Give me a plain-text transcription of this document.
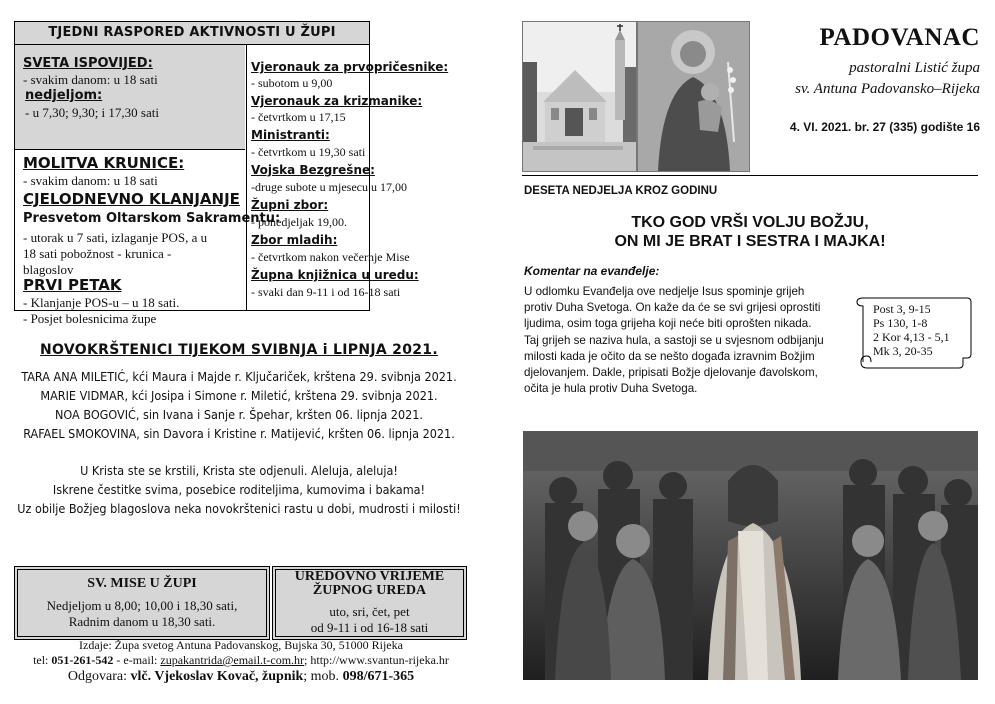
TJEDNI RASPORED AKTIVNOSTI U ŽUPI
SVETA ISPOVIJED:
- svakim danom: u 18 sati
nedjeljom:
- u 7,30; 9,30; i 17,30 sati
MOLITVA KRUNICE:
- svakim danom: u 18 sati
CJELODNEVNO KLANJANJE
Presvetom Oltarskom Sakramentu:
- utorak u 7 sati, izlaganje POS, a u
18 sati pobožnost - krunica -
blagoslov
PRVI PETAK
- Klanjanje POS-u – u 18 sati.
- Posjet bolesnicima župe
Vjeronauk za prvopričesnike:
- subotom u 9,00
Vjeronauk za krizmanike:
- četvrtkom u 17,15
Ministranti:
- četvrtkom u 19,30 sati
Vojska Bezgrešne:
-druge subote u mjesecu u 17,00
Župni zbor:
- ponedjeljak 19,00.
Zbor mladih:
- četvrtkom nakon večernje Mise
Župna knjižnica u uredu:
- svaki dan 9-11 i od 16-18 sati
NOVOKRŠTENICI TIJEKOM SVIBNJA i LIPNJA 2021.
TARA ANA MILETIĆ, kći Maura i Majde r. Ključariček, krštena 29. svibnja 2021.
MARIE VIDMAR, kći Josipa i Simone r. Miletić, krštena 29. svibnja 2021.
NOA BOGOVIĆ, sin Ivana i Sanje r. Špehar, kršten 06. lipnja 2021.
RAFAEL SMOKOVINA, sin Davora i Kristine r. Matijević, kršten 06. lipnja 2021.
U Krista ste se krstili, Krista ste odjenuli. Aleluja, aleluja!
Iskrene čestitke svima, posebice roditeljima, kumovima i bakama!
Uz obilje Božjeg blagoslova neka novokrštenici rastu u dobi, mudrosti i milosti!
SV. MISE U ŽUPI
Nedjeljom u 8,00; 10,00 i 18,30 sati,
Radnim danom u 18,30 sati.
UREDOVNO VRIJEME
ŽUPNOG UREDA
uto, sri, čet, pet
od 9-11 i od 16-18 sati
Izdaje: Župa svetog Antuna Padovanskog, Bujska 30, 51000 Rijeka
tel: 051-261-542 - e-mail: zupakantrida@email.t-com.hr; http://www.svantun-rijeka.hr
Odgovara: vlč. Vjekoslav Kovač, župnik; mob. 098/671-365
PADOVANAC
pastoralni Listić župa
sv. Antuna Padovansko–Rijeka
4. VI. 2021. br. 27 (335) godište 16
DESETA NEDJELJA KROZ GODINU
TKO GOD VRŠI VOLJU BOŽJU,
ON MI JE BRAT I SESTRA I MAJKA!
Komentar na evanđelje:
U odlomku Evanđelja ove nedjelje Isus spominje grijeh
protiv Duha Svetoga. On kaže da će se svi grijesi oprostiti
ljudima, osim toga grijeha koji neće biti oprošten nikada.
Taj grijeh se naziva hula, a sastoji se u svjesnom odbijanju
milosti kada je očito da se nešto događa izravnim Božjim
djelovanjem. Dakle, pripisati Božje djelovanje đavolskom,
očita je hula protiv Duha Svetoga.
Post 3, 9-15
Ps 130, 1-8
2 Kor 4,13 - 5,1
Mk 3, 20-35
